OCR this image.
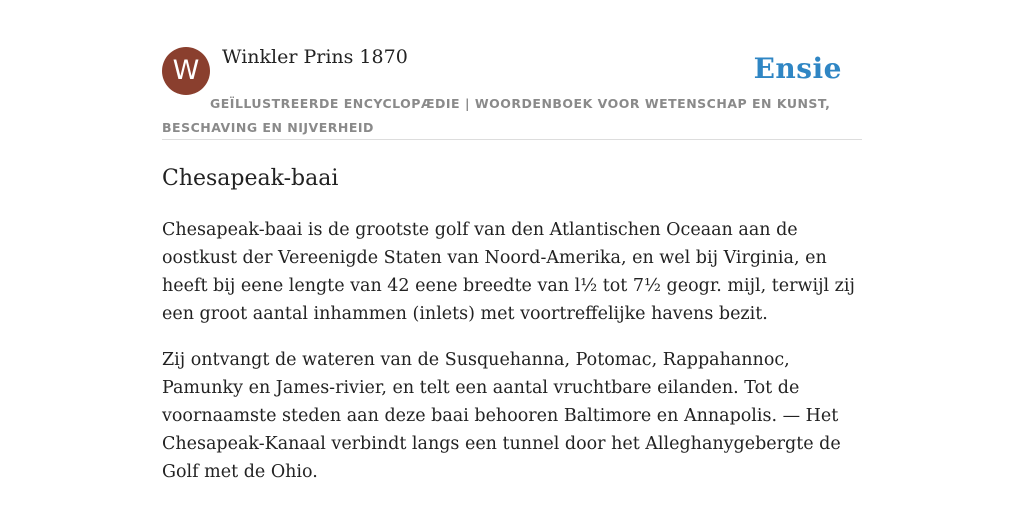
W	Winkler Prins 1870	Ensie
GEÏLLUSTREERDE ENCYCLOPÆDIE | WOORDENBOEK VOOR WETENSCHAP EN KUNST, BESCHAVING EN NIJVERHEID
Chesapeak-baai

Chesapeak-baai is de grootste golf van den Atlantischen Oceaan aan de oostkust der Vereenigde Staten van Noord-Amerika, en wel bij Virginia, en heeft bij eene lengte van 42 eene breedte van l½ tot 7½ geogr. mijl, terwijl zij een groot aantal inhammen (inlets) met voortreffelijke havens bezit.

Zij ontvangt de wateren van de Susquehanna, Potomac, Rappahannoc, Pamunky en James-rivier, en telt een aantal vruchtbare eilanden. Tot de voornaamste steden aan deze baai behooren Baltimore en Annapolis. — Het Chesapeak-Kanaal verbindt langs een tunnel door het Alleghanygebergte de Golf met de Ohio.
